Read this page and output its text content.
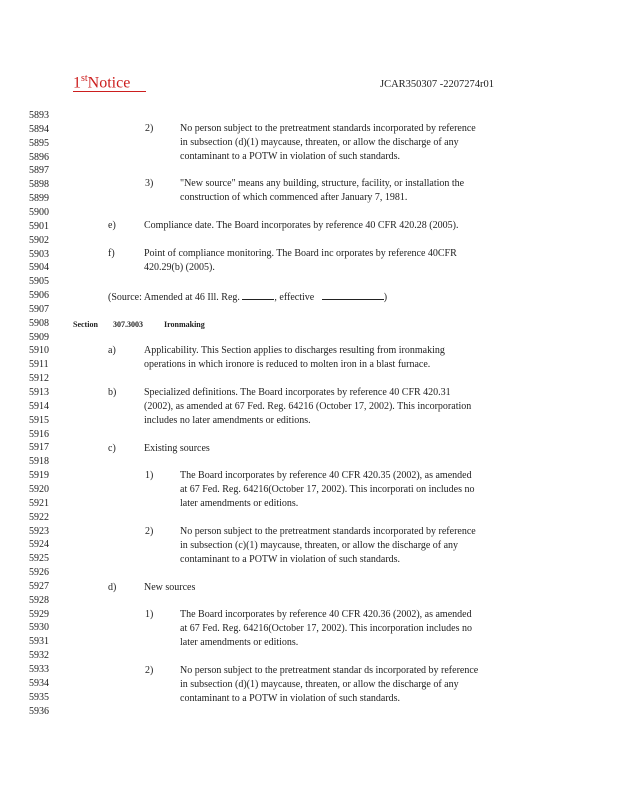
1stNotice	JCAR350307 -2207274r01
5893
5894
5895
5896
5897
5898
5899
5900
5901
5902
5903
5904
5905
5906
5907
5908
5909
5910
5911
5912
5913
5914
5915
5916
5917
5918
5919
5920
5921
5922
5923
5924
5925
5926
5927
5928
5929
5930
5931
5932
5933
5934
5935
5936
2)	No person subject to the pretreatment standards incorporated by reference
in subsection (d)(1) maycause, threaten, or allow the discharge of any
contaminant to a POTW in violation of such standards.
3)	"New source" means any building, structure, facility, or installation the
construction of which commenced after January 7, 1981.
e)	Compliance date. The Board incorporates by reference 40 CFR 420.28 (2005).
f)	Point of compliance monitoring. The Board inc orporates by reference 40CFR
420.29(b) (2005).
(Source: Amended at 46 Ill. Reg.	, effective	)
Section 307.3003	Ironmaking
a)	Applicability. This Section applies to discharges resulting from ironmaking
operations in which ironore is reduced to molten iron in a blast furnace.
b)	Specialized definitions. The Board incorporates by reference 40 CFR 420.31
(2002), as amended at 67 Fed. Reg. 64216 (October 17, 2002). This incorporation
includes no later amendments or editions.
c)	Existing sources
1)	The Board incorporates by reference 40 CFR 420.35 (2002), as amended
at 67 Fed. Reg. 64216(October 17, 2002). This incorporati on includes no
later amendments or editions.
2)	No person subject to the pretreatment standards incorporated by reference
in subsection (c)(1) maycause, threaten, or allow the discharge of any
contaminant to a POTW in violation of such standards.
d)	New sources
1)	The Board incorporates by reference 40 CFR 420.36 (2002), as amended
at 67 Fed. Reg. 64216(October 17, 2002). This incorporation includes no
later amendments or editions.
2)	No person subject to the pretreatment standar ds incorporated by reference
in subsection (d)(1) maycause, threaten, or allow the discharge of any
contaminant to a POTW in violation of such standards.
